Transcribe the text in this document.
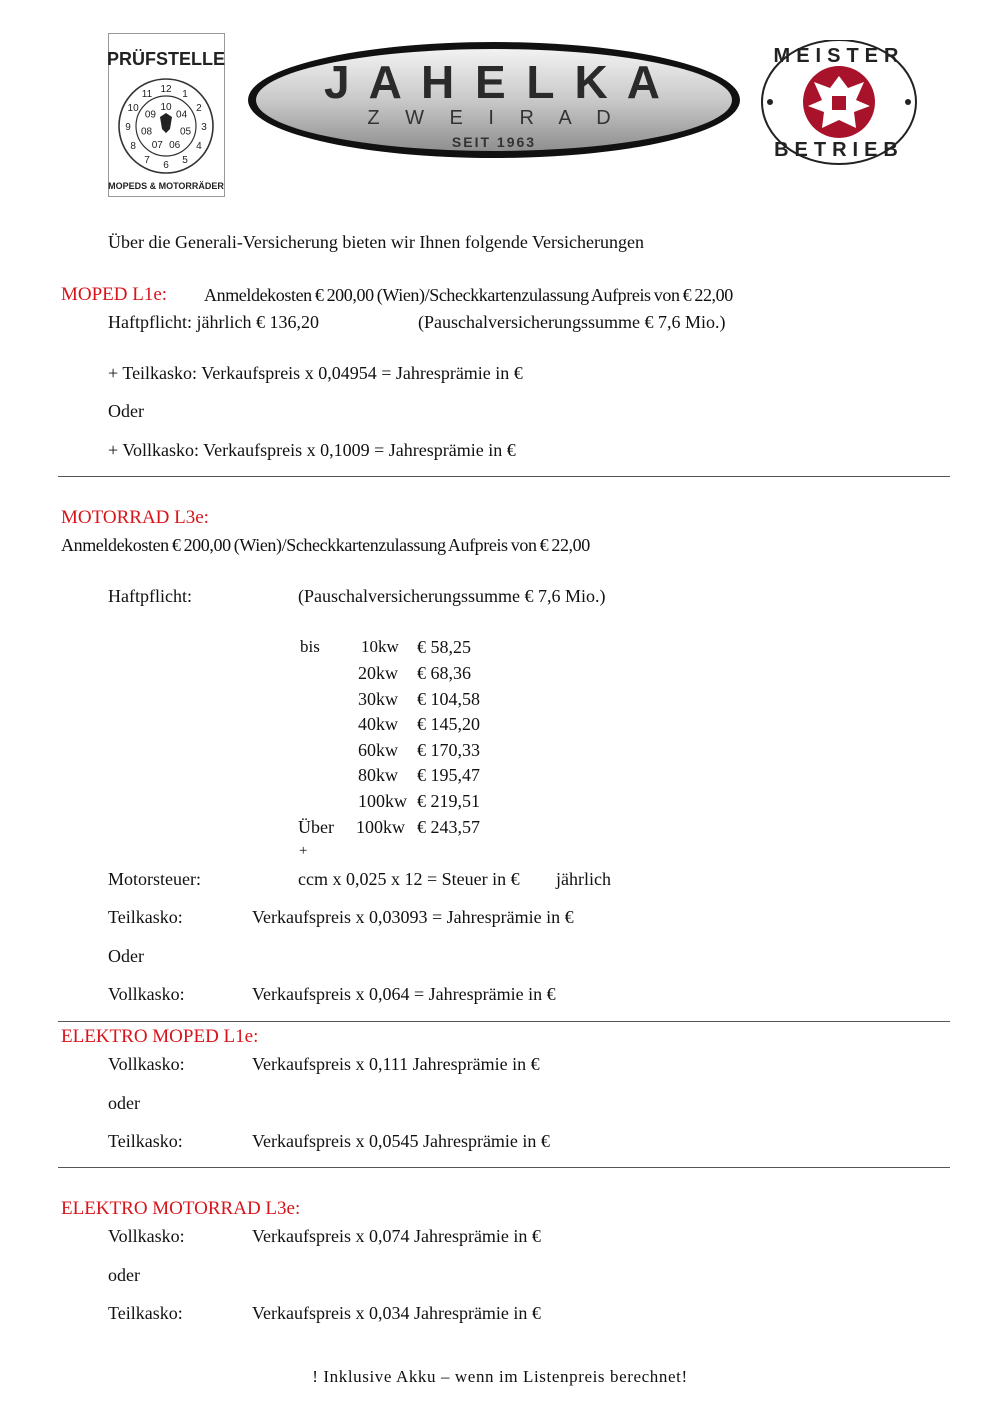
PRÜFSTELLE
12 1
2
3
4
5
6
7
8
9
10
11
10
04
05
06
07
08
09
MOPEDS & MOTORRÄDER
J A H E L K A
Z W E I R A D
SEIT 1963
MEISTER
BETRIEB
Über die Generali-Versicherung bieten wir Ihnen folgende Versicherungen
MOPED L1e: Anmeldekosten € 200,00 (Wien)/Scheckkartenzulassung Aufpreis von € 22,00
Haftpflicht: jährlich € 136,20	(Pauschalversicherungssumme € 7,6 Mio.)
+ Teilkasko: Verkaufspreis x 0,04954 = Jahresprämie in €
Oder
+ Vollkasko: Verkaufspreis x 0,1009 = Jahresprämie in €
MOTORRAD L3e:
Anmeldekosten € 200,00 (Wien)/Scheckkartenzulassung Aufpreis von € 22,00
Haftpflicht:	(Pauschalversicherungssumme € 7,6 Mio.)
bis 10kw € 58,25
20kw € 68,36
30kw € 104,58
40kw € 145,20
60kw € 170,33
80kw € 195,47
100kw € 219,51
Über 100kw € 243,57
+
Motorsteuer:	ccm x 0,025 x 12 = Steuer in € jährlich
Teilkasko:	Verkaufspreis x 0,03093 = Jahresprämie in €
Oder
Vollkasko:	Verkaufspreis x 0,064 = Jahresprämie in €
ELEKTRO MOPED L1e:
Vollkasko:	Verkaufspreis x 0,111 Jahresprämie in €
oder
Teilkasko:	Verkaufspreis x 0,0545 Jahresprämie in €
ELEKTRO MOTORRAD L3e:
Vollkasko:	Verkaufspreis x 0,074 Jahresprämie in €
oder
Teilkasko:	Verkaufspreis x 0,034 Jahresprämie in €
! Inklusive Akku – wenn im Listenpreis berechnet!
